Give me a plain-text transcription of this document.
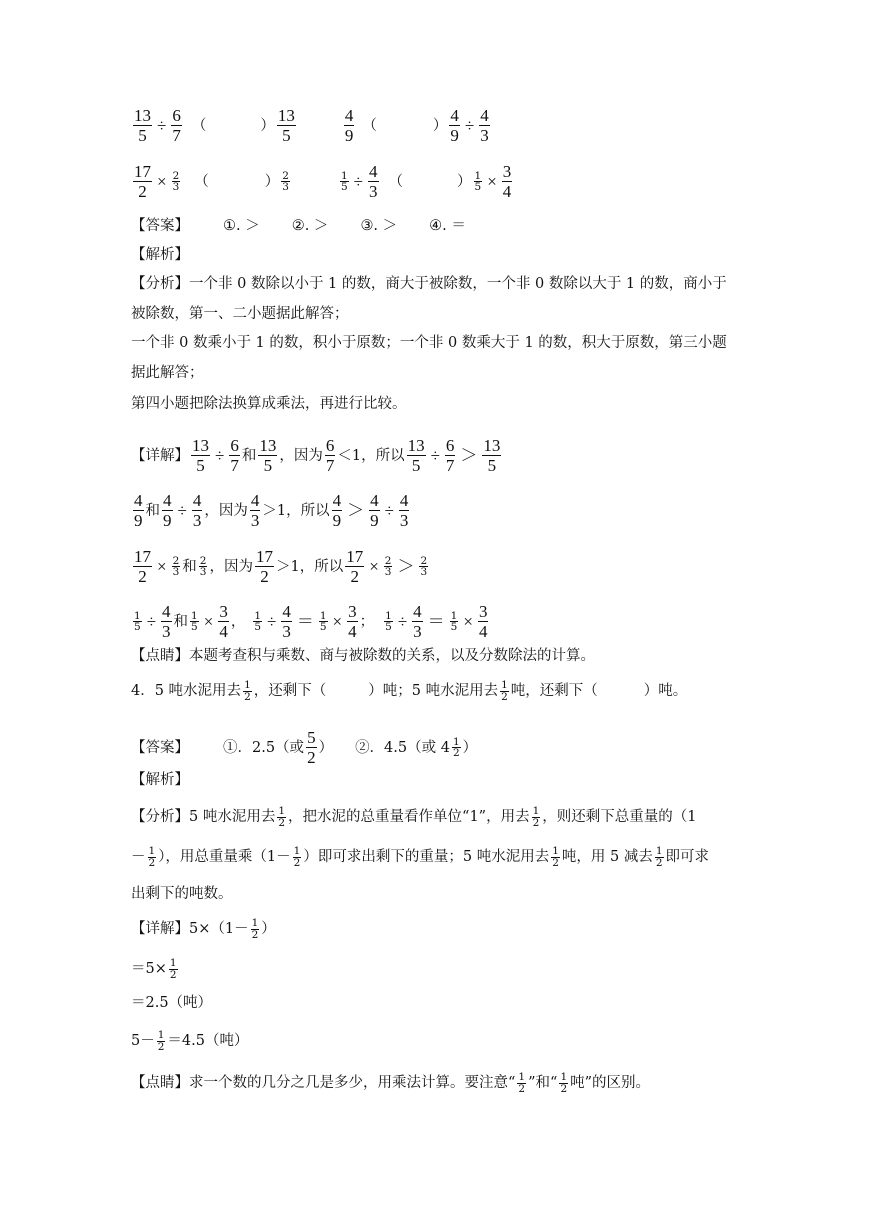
$\frac{13}{5} \div \frac{6}{7}$ （	） $\frac{13}{5}$	$\frac{4}{9}$ （	） $\frac{4}{9} \div \frac{4}{3}$
$\frac{17}{2} \times \frac{2}{3}$ （	） $\frac{2}{3}$	$\frac{1}{5} \div \frac{4}{3}$ （	） $\frac{1}{5} \times \frac{3}{4}$
【答案】 ①. ＞ ②. ＞ ③. ＞ ④. ＝
【解析】
【分析】一个非 0 数除以小于 1 的数，商大于被除数，一个非 0 数除以大于 1 的数，商小于
被除数，第一、二小题据此解答；
一个非 0 数乘小于 1 的数，积小于原数；一个非 0 数乘大于 1 的数，积大于原数，第三小题
据此解答；
第四小题把除法换算成乘法，再进行比较。
【详解】 $\frac{13}{5} \div \frac{6}{7}$ 和 $\frac{13}{5}$ ，因为 $\frac{6}{7} <1$ ，所以 $\frac{13}{5} \div \frac{6}{7} > \frac{13}{5}$
$\frac{4}{9}$ 和 $\frac{4}{9} \div \frac{4}{3}$ ，因为 $\frac{4}{3} >1$ ，所以 $\frac{4}{9} > \frac{4}{9} \div \frac{4}{3}$
$\frac{17}{2} \times \frac{2}{3}$ 和 $\frac{2}{3}$ ，因为 $\frac{17}{2} >1$ ，所以 $\frac{17}{2} \times \frac{2}{3} > \frac{2}{3}$
$\frac{1}{5} \div \frac{4}{3}$ 和 $\frac{1}{5} \times \frac{3}{4}$ ， $\frac{1}{5} \div \frac{4}{3} = \frac{1}{5} \times \frac{3}{4}$ ； $\frac{1}{5} \div \frac{4}{3} = \frac{1}{5} \times \frac{3}{4}$
【点睛】本题考查积与乘数、商与被除数的关系，以及分数除法的计算。
4．5 吨水泥用去 $\frac{1}{2}$ ，还剩下（	）吨；5 吨水泥用去 $\frac{1}{2}$ 吨，还剩下（	）吨。
【答案】 ①．2.5（或 $\frac{5}{2}$ ） ②．4.5（或 $4 \frac{1}{2}$ ）
【解析】
【分析】5 吨水泥用去 $\frac{1}{2}$ ，把水泥的总重量看作单位“1”，用去 $\frac{1}{2}$ ，则还剩下总重量的（1
－ $\frac{1}{2}$ ），用总重量乘（$1- \frac{1}{2}$ ）即可求出剩下的重量；5 吨水泥用去 $\frac{1}{2}$ 吨，用 5 减去 $\frac{1}{2}$ 即可求
出剩下的吨数。
【详解】$5\times(1- \frac{1}{2}$ ）
$=5\times \frac{1}{2}$
＝2.5（吨）
$5- \frac{1}{2} =4.5$（吨）
【点睛】求一个数的几分之几是多少，用乘法计算。要注意“ $\frac{1}{2}$ ”和“ $\frac{1}{2}$ 吨”的区别。
